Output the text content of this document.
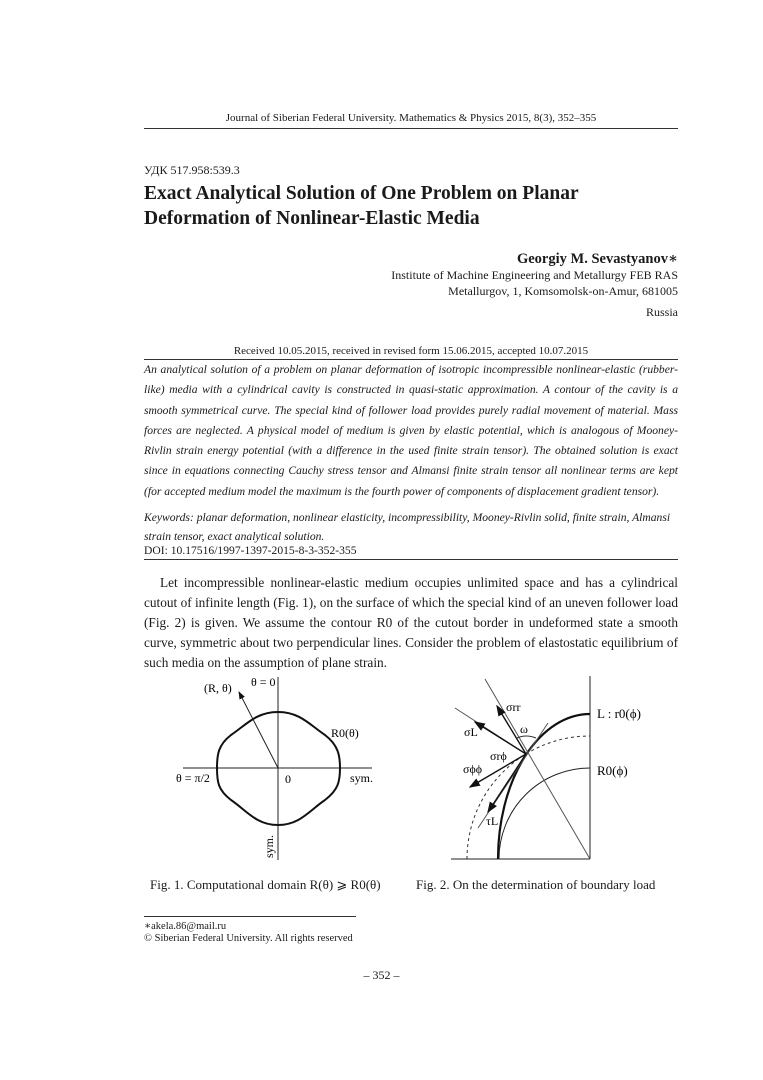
Journal of Siberian Federal University. Mathematics & Physics 2015, 8(3), 352–355
УДК 517.958:539.3
Exact Analytical Solution of One Problem on Planar
Deformation of Nonlinear-Elastic Media
Georgiy M. Sevastyanov∗
Institute of Machine Engineering and Metallurgy FEB RAS
Metallurgov, 1, Komsomolsk-on-Amur, 681005
Russia
Received 10.05.2015, received in revised form 15.06.2015, accepted 10.07.2015
An analytical solution of a problem on planar deformation of isotropic incompressible nonlinear-elastic (rubber-like) media with a cylindrical cavity is constructed in quasi-static approximation. A contour of the cavity is a smooth symmetrical curve. The special kind of follower load provides purely radial movement of material. Mass forces are neglected. A physical model of medium is given by elastic potential, which is analogous of Mooney-Rivlin strain energy potential (with a difference in the used finite strain tensor). The obtained solution is exact since in equations connecting Cauchy stress tensor and Almansi finite strain tensor all nonlinear terms are kept (for accepted medium model the maximum is the fourth power of components of displacement gradient tensor).
Keywords: planar deformation, nonlinear elasticity, incompressibility, Mooney-Rivlin solid, finite strain, Almansi strain tensor, exact analytical solution.
DOI: 10.17516/1997-1397-2015-8-3-352-355
Let incompressible nonlinear-elastic medium occupies unlimited space and has a cylindrical cutout of infinite length (Fig. 1), on the surface of which the special kind of an uneven follower load (Fig. 2) is given. We assume the contour R0 of the cutout border in undeformed state a smooth curve, symmetric about two perpendicular lines. Consider the problem of elastostatic equilibrium of such media on the assumption of plane strain.
(R, θ) θ = 0
R0(θ)
θ = π/2	0	sym.
sym.
σrr
ω
σL
σrϕ
σϕϕ
τL
L : r0(ϕ)
R0(ϕ)
Fig. 1. Computational domain R(θ) ⩾ R0(θ)	Fig. 2. On the determination of boundary load
∗akela.86@mail.ru
© Siberian Federal University. All rights reserved
– 352 –
